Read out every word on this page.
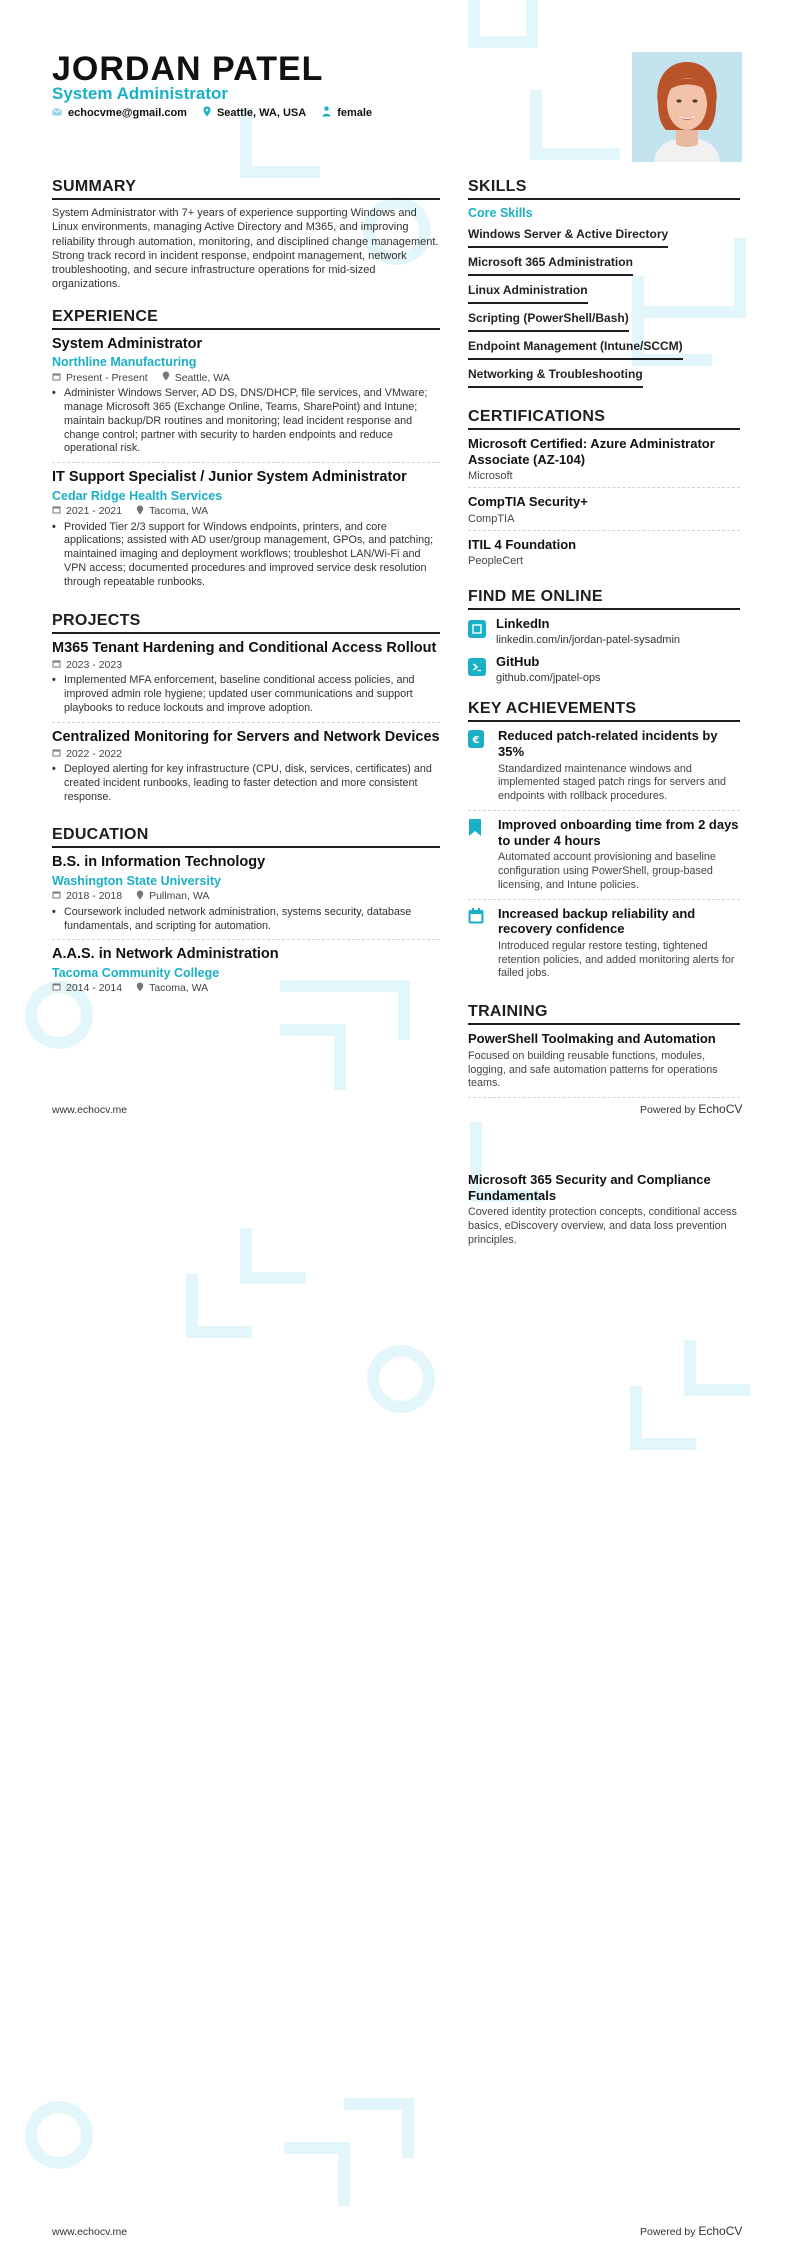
JORDAN PATEL
System Administrator
echocvme@gmail.com	Seattle, WA, USA	female
SUMMARY

System Administrator with 7+ years of experience supporting Windows and Linux environments, managing Active Directory and M365, and improving reliability through automation, monitoring, and disciplined change management.

Strong track record in incident response, endpoint management, network troubleshooting, and secure infrastructure operations for mid-sized organizations.

EXPERIENCE
System Administrator
Northline Manufacturing
Present - Present	Seattle, WA
• Administer Windows Server, AD DS, DNS/DHCP, file services, and VMware; manage Microsoft 365 (Exchange Online, Teams, SharePoint) and Intune; maintain backup/DR routines and monitoring; lead incident response and change control; partner with security to harden endpoints and reduce operational risk.
IT Support Specialist / Junior System Administrator
Cedar Ridge Health Services
2021 - 2021	Tacoma, WA
• Provided Tier 2/3 support for Windows endpoints, printers, and core applications; assisted with AD user/group management, GPOs, and patching; maintained imaging and deployment workflows; troubleshot LAN/Wi-Fi and VPN access; documented procedures and improved service desk resolution through repeatable runbooks.
PROJECTS
M365 Tenant Hardening and Conditional Access Rollout
2023 - 2023
• Implemented MFA enforcement, baseline conditional access policies, and improved admin role hygiene; updated user communications and support playbooks to reduce lockouts and improve adoption.
Centralized Monitoring for Servers and Network Devices
2022 - 2022
• Deployed alerting for key infrastructure (CPU, disk, services, certificates) and created incident runbooks, leading to faster detection and more consistent response.
EDUCATION
B.S. in Information Technology
Washington State University
2018 - 2018	Pullman, WA
• Coursework included network administration, systems security, database fundamentals, and scripting for automation.
A.A.S. in Network Administration
Tacoma Community College
2014 - 2014	Tacoma, WA
SKILLS
Core Skills
Windows Server & Active Directory
Microsoft 365 Administration
Linux Administration
Scripting (PowerShell/Bash)
Endpoint Management (Intune/SCCM)
Networking & Troubleshooting
CERTIFICATIONS
Microsoft Certified: Azure Administrator Associate (AZ-104)
Microsoft
CompTIA Security+
CompTIA
ITIL 4 Foundation
PeopleCert
FIND ME ONLINE
LinkedIn
linkedin.com/in/jordan-patel-sysadmin
GitHub
github.com/jpatel-ops
KEY ACHIEVEMENTS
€ Reduced patch-related incidents by 35%
Standardized maintenance windows and implemented staged patch rings for servers and endpoints with rollback procedures.
Improved onboarding time from 2 days to under 4 hours
Automated account provisioning and baseline configuration using PowerShell, group-based licensing, and Intune policies.
Increased backup reliability and recovery confidence
Introduced regular restore testing, tightened retention policies, and added monitoring alerts for failed jobs.
TRAINING
PowerShell Toolmaking and Automation
Focused on building reusable functions, modules, logging, and safe automation patterns for operations teams.
www.echocv.me	Powered by EchoCV
Microsoft 365 Security and Compliance Fundamentals
Covered identity protection concepts, conditional access basics, eDiscovery overview, and data loss prevention principles.
www.echocv.me	Powered by EchoCV
